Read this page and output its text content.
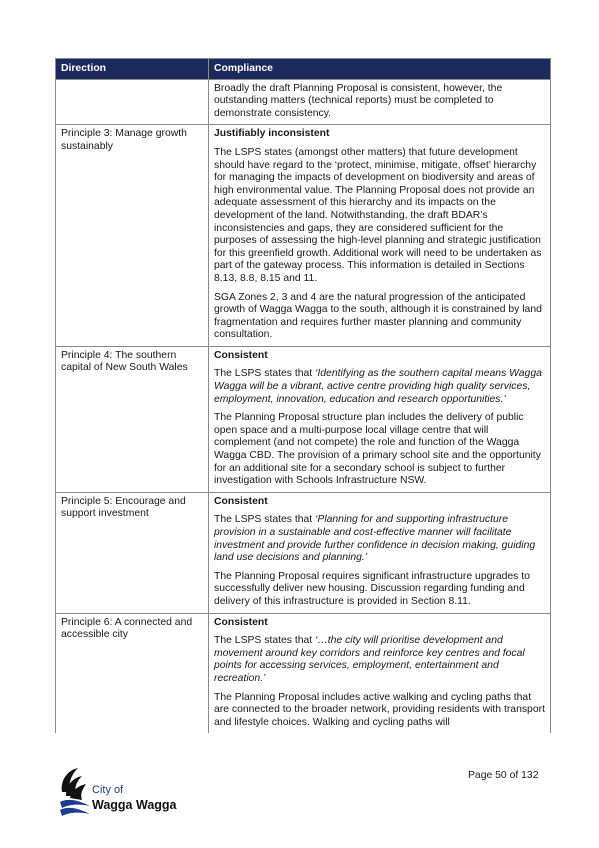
Direction	Compliance

	Broadly the draft Planning Proposal is consistent, however, the outstanding matters (technical reports) must be completed to demonstrate consistency.

Principle 3: Manage growth sustainably	Justifiably inconsistent

The LSPS states (amongst other matters) that future development should have regard to the ‘protect, minimise, mitigate, offset’ hierarchy for managing the impacts of development on biodiversity and areas of high environmental value. The Planning Proposal does not provide an adequate assessment of this hierarchy and its impacts on the development of the land. Notwithstanding, the draft BDAR’s inconsistencies and gaps, they are considered sufficient for the purposes of assessing the high-level planning and strategic justification for this greenfield growth. Additional work will need to be undertaken as part of the gateway process. This information is detailed in Sections 8.13, 8.8, 8.15 and 11.

SGA Zones 2, 3 and 4 are the natural progression of the anticipated growth of Wagga Wagga to the south, although it is constrained by land fragmentation and requires further master planning and community consultation.

Principle 4: The southern capital of New South Wales	Consistent

The LSPS states that ‘Identifying as the southern capital means Wagga Wagga will be a vibrant, active centre providing high quality services, employment, innovation, education and research opportunities.’

The Planning Proposal structure plan includes the delivery of public open space and a multi-purpose local village centre that will complement (and not compete) the role and function of the Wagga Wagga CBD. The provision of a primary school site and the opportunity for an additional site for a secondary school is subject to further investigation with Schools Infrastructure NSW.

Principle 5: Encourage and support investment	Consistent

The LSPS states that ‘Planning for and supporting infrastructure provision in a sustainable and cost-effective manner will facilitate investment and provide further confidence in decision making, guiding land use decisions and planning.’

The Planning Proposal requires significant infrastructure upgrades to successfully deliver new housing. Discussion regarding funding and delivery of this infrastructure is provided in Section 8.11.

Principle 6: A connected and accessible city	Consistent

The LSPS states that ‘…the city will prioritise development and movement around key corridors and reinforce key centres and focal points for accessing services, employment, entertainment and recreation.’

The Planning Proposal includes active walking and cycling paths that are connected to the broader network, providing residents with transport and lifestyle choices. Walking and cycling paths will

City of
Wagga Wagga
Page 50 of 132
